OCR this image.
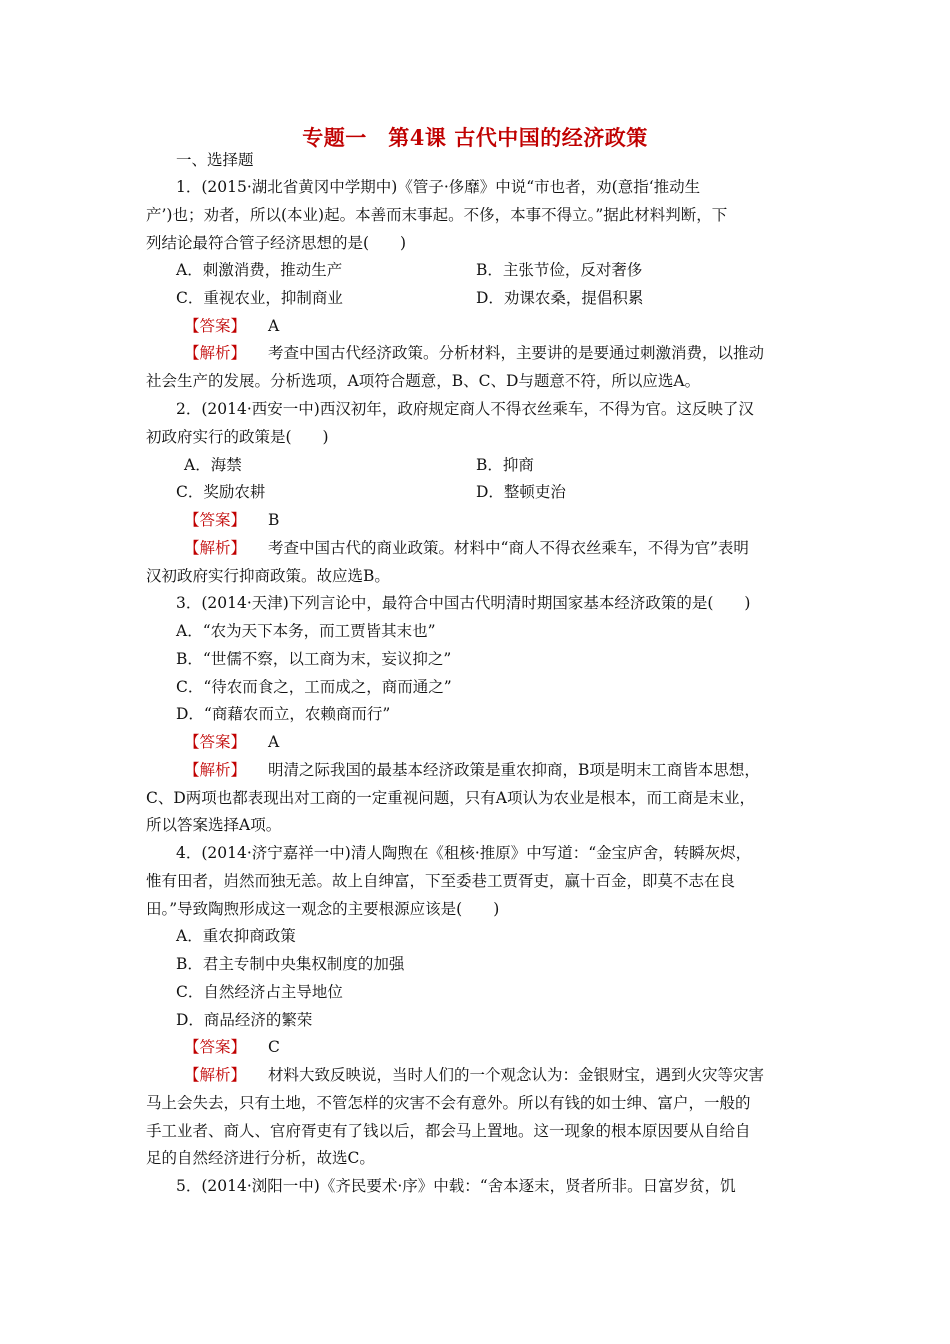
专题一　第4课 古代中国的经济政策
一、选择题
1．(2015·湖北省黄冈中学期中)《管子·侈靡》中说“市也者，劝(意指‘推动生
产’)也；劝者，所以(本业)起。本善而末事起。不侈，本事不得立。”据此材料判断，下
列结论最符合管子经济思想的是(　　)
A．刺激消费，推动生产	B．主张节俭，反对奢侈
C．重视农业，抑制商业	D．劝课农桑，提倡积累
【答案】 A
【解析】 考查中国古代经济政策。分析材料，主要讲的是要通过刺激消费，以推动
社会生产的发展。分析选项，A项符合题意，B、C、D与题意不符，所以应选A。
2．(2014·西安一中)西汉初年，政府规定商人不得衣丝乘车，不得为官。这反映了汉
初政府实行的政策是(　　)
A．海禁	B．抑商
C．奖励农耕	D．整顿吏治
【答案】 B
【解析】 考查中国古代的商业政策。材料中“商人不得衣丝乘车，不得为官”表明
汉初政府实行抑商政策。故应选B。
3．(2014·天津)下列言论中，最符合中国古代明清时期国家基本经济政策的是(　　)
A．“农为天下本务，而工贾皆其末也”
B．“世儒不察，以工商为末，妄议抑之”
C．“待农而食之，工而成之，商而通之”
D．“商藉农而立，农赖商而行”
【答案】 A
【解析】 明清之际我国的最基本经济政策是重农抑商，B项是明末工商皆本思想，
C、D两项也都表现出对工商的一定重视问题，只有A项认为农业是根本，而工商是末业，
所以答案选择A项。
4．(2014·济宁嘉祥一中)清人陶煦在《租核·推原》中写道：“金宝庐舍，转瞬灰烬，
惟有田者，岿然而独无恙。故上自绅富，下至委巷工贾胥吏，赢十百金，即莫不志在良
田。”导致陶煦形成这一观念的主要根源应该是(　　)
A．重农抑商政策
B．君主专制中央集权制度的加强
C．自然经济占主导地位
D．商品经济的繁荣
【答案】 C
【解析】 材料大致反映说，当时人们的一个观念认为：金银财宝，遇到火灾等灾害
马上会失去，只有土地，不管怎样的灾害不会有意外。所以有钱的如士绅、富户，一般的
手工业者、商人、官府胥吏有了钱以后，都会马上置地。这一现象的根本原因要从自给自
足的自然经济进行分析，故选C。
5．(2014·浏阳一中)《齐民要术·序》中载：“舍本逐末，贤者所非。日富岁贫，饥
